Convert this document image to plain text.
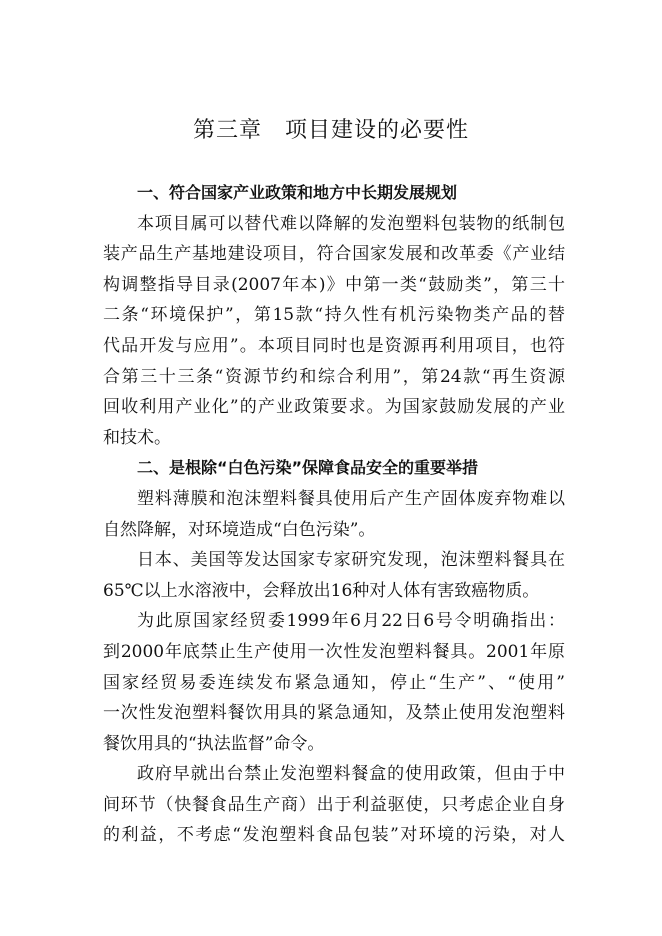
第三章　项目建设的必要性
一、符合国家产业政策和地方中长期发展规划
本项目属可以替代难以降解的发泡塑料包装物的纸制包
装产品生产基地建设项目，符合国家发展和改革委《产业结
构调整指导目录(2007年本)》中第一类“鼓励类”，第三十
二条“环境保护”，第15款“持久性有机污染物类产品的替
代品开发与应用”。本项目同时也是资源再利用项目，也符
合第三十三条“资源节约和综合利用”，第24款“再生资源
回收利用产业化”的产业政策要求。为国家鼓励发展的产业
和技术。
二、是根除“白色污染”保障食品安全的重要举措
塑料薄膜和泡沫塑料餐具使用后产生产固体废弃物难以
自然降解，对环境造成“白色污染”。
日本、美国等发达国家专家研究发现，泡沫塑料餐具在
65℃以上水溶液中，会释放出16种对人体有害致癌物质。
为此原国家经贸委1999年6月22日6号令明确指出：
到2000年底禁止生产使用一次性发泡塑料餐具。2001年原
国家经贸易委连续发布紧急通知，停止“生产”、“使用”
一次性发泡塑料餐饮用具的紧急通知，及禁止使用发泡塑料
餐饮用具的“执法监督”命令。
政府早就出台禁止发泡塑料餐盒的使用政策，但由于中
间环节（快餐食品生产商）出于利益驱使，只考虑企业自身
的利益，不考虑“发泡塑料食品包装”对环境的污染，对人
